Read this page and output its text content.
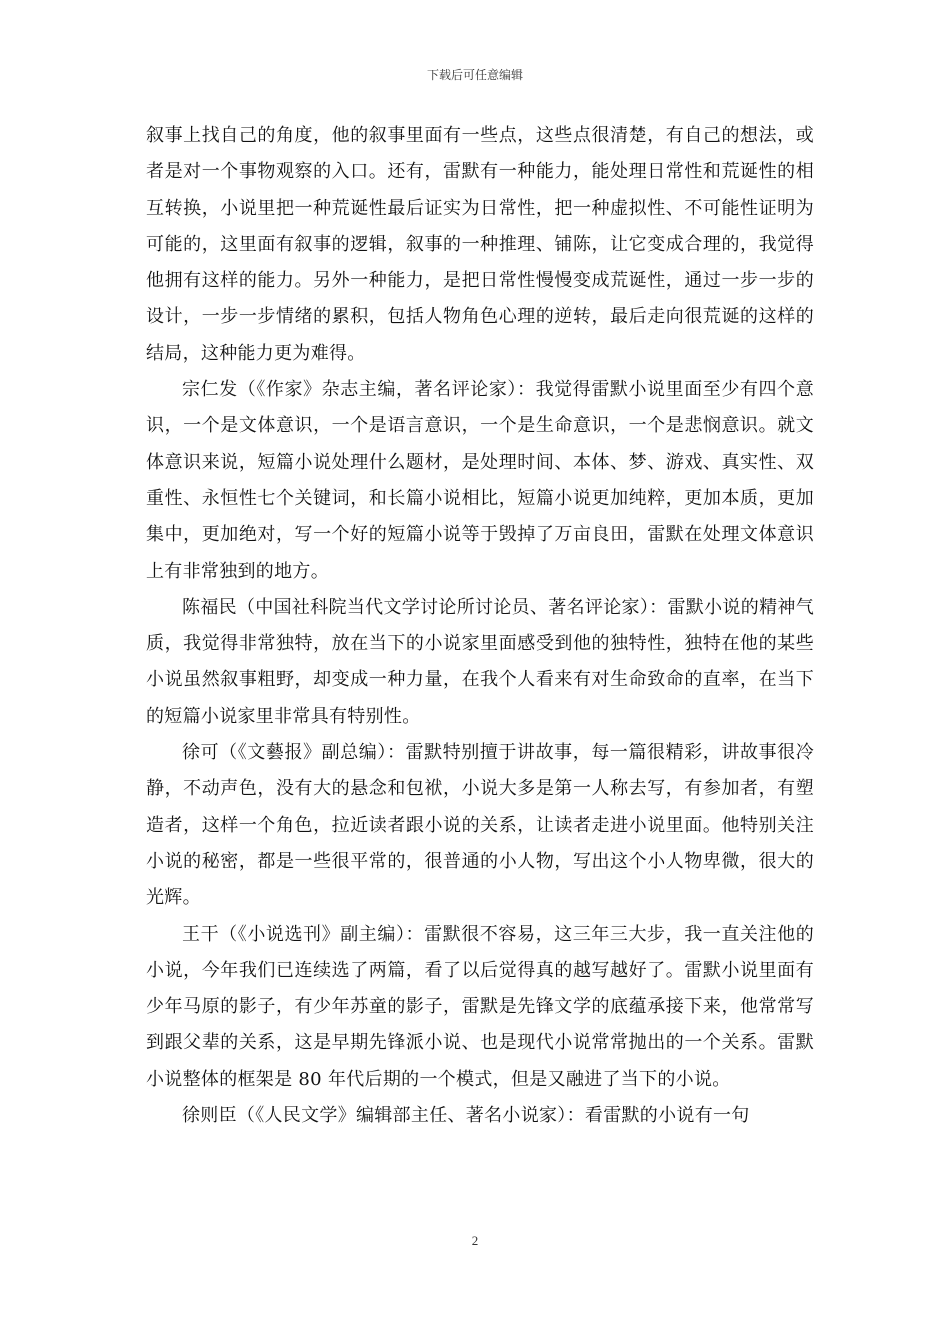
下载后可任意编辑

叙事上找自己的角度，他的叙事里面有一些点，这些点很清楚，有自己的想法，或者是对一个事物观察的入口。还有，雷默有一种能力，能处理日常性和荒诞性的相互转换，小说里把一种荒诞性最后证实为日常性，把一种虚拟性、不可能性证明为可能的，这里面有叙事的逻辑，叙事的一种推理、铺陈，让它变成合理的，我觉得他拥有这样的能力。另外一种能力，是把日常性慢慢变成荒诞性，通过一步一步的设计，一步一步情绪的累积，包括人物角色心理的逆转，最后走向很荒诞的这样的结局，这种能力更为难得。

宗仁发（《作家》杂志主编，著名评论家）：我觉得雷默小说里面至少有四个意识，一个是文体意识，一个是语言意识，一个是生命意识，一个是悲悯意识。就文体意识来说，短篇小说处理什么题材，是处理时间、本体、梦、游戏、真实性、双重性、永恒性七个关键词，和长篇小说相比，短篇小说更加纯粹，更加本质，更加集中，更加绝对，写一个好的短篇小说等于毁掉了万亩良田，雷默在处理文体意识上有非常独到的地方。

陈福民（中国社科院当代文学讨论所讨论员、著名评论家）：雷默小说的精神气质，我觉得非常独特，放在当下的小说家里面感受到他的独特性，独特在他的某些小说虽然叙事粗野，却变成一种力量，在我个人看来有对生命致命的直率，在当下的短篇小说家里非常具有特别性。

徐可（《文藝报》副总编）：雷默特别擅于讲故事，每一篇很精彩，讲故事很冷静，不动声色，没有大的悬念和包袱，小说大多是第一人称去写，有参加者，有塑造者，这样一个角色，拉近读者跟小说的关系，让读者走进小说里面。他特别关注小说的秘密，都是一些很平常的，很普通的小人物，写出这个小人物卑微，很大的光辉。

王干（《小说选刊》副主编）：雷默很不容易，这三年三大步，我一直关注他的小说，今年我们已连续选了两篇，看了以后觉得真的越写越好了。雷默小说里面有少年马原的影子，有少年苏童的影子，雷默是先锋文学的底蕴承接下来，他常常写到跟父辈的关系，这是早期先锋派小说、也是现代小说常常抛出的一个关系。雷默小说整体的框架是 80 年代后期的一个模式，但是又融进了当下的小说。

徐则臣（《人民文学》编辑部主任、著名小说家）：看雷默的小说有一句

2
